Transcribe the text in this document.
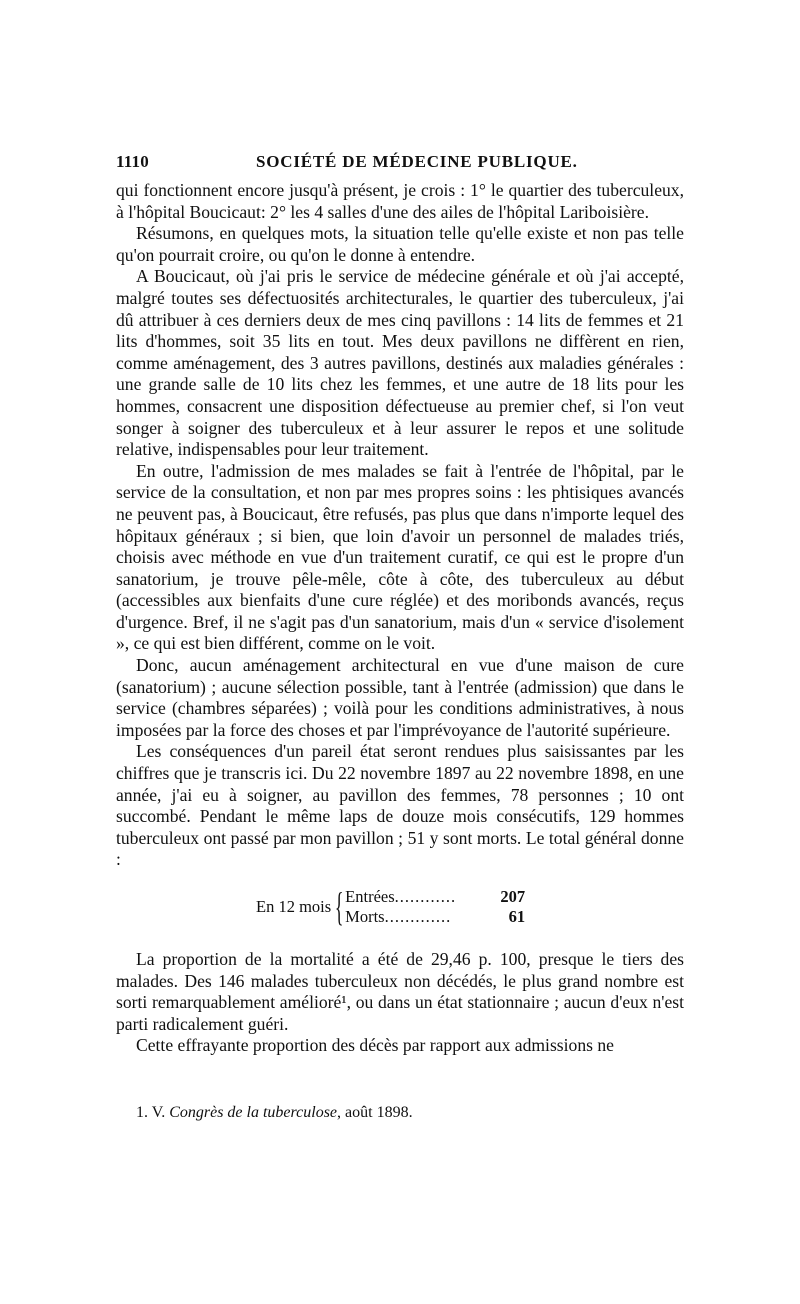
1110	SOCIÉTÉ DE MÉDECINE PUBLIQUE.

qui fonctionnent encore jusqu'à présent, je crois : 1° le quartier des tuberculeux, à l'hôpital Boucicaut: 2° les 4 salles d'une des ailes de l'hôpital Lariboisière.

Résumons, en quelques mots, la situation telle qu'elle existe et non pas telle qu'on pourrait croire, ou qu'on le donne à entendre.

A Boucicaut, où j'ai pris le service de médecine générale et où j'ai accepté, malgré toutes ses défectuosités architecturales, le quartier des tuberculeux, j'ai dû attribuer à ces derniers deux de mes cinq pavillons : 14 lits de femmes et 21 lits d'hommes, soit 35 lits en tout. Mes deux pavillons ne diffèrent en rien, comme aménagement, des 3 autres pavillons, destinés aux maladies générales : une grande salle de 10 lits chez les femmes, et une autre de 18 lits pour les hommes, consacrent une disposition défectueuse au premier chef, si l'on veut songer à soigner des tuberculeux et à leur assurer le repos et une solitude relative, indispensables pour leur traitement.

En outre, l'admission de mes malades se fait à l'entrée de l'hôpital, par le service de la consultation, et non par mes propres soins : les phtisiques avancés ne peuvent pas, à Boucicaut, être refusés, pas plus que dans n'importe lequel des hôpitaux généraux ; si bien, que loin d'avoir un personnel de malades triés, choisis avec méthode en vue d'un traitement curatif, ce qui est le propre d'un sanatorium, je trouve pêle-mêle, côte à côte, des tuberculeux au début (accessibles aux bienfaits d'une cure réglée) et des moribonds avancés, reçus d'urgence. Bref, il ne s'agit pas d'un sanatorium, mais d'un « service d'isolement », ce qui est bien différent, comme on le voit.

Donc, aucun aménagement architectural en vue d'une maison de cure (sanatorium) ; aucune sélection possible, tant à l'entrée (admission) que dans le service (chambres séparées) ; voilà pour les conditions administratives, à nous imposées par la force des choses et par l'imprévoyance de l'autorité supérieure.

Les conséquences d'un pareil état seront rendues plus saisissantes par les chiffres que je transcris ici. Du 22 novembre 1897 au 22 novembre 1898, en une année, j'ai eu à soigner, au pavillon des femmes, 78 personnes ; 10 ont succombé. Pendant le même laps de douze mois consécutifs, 129 hommes tuberculeux ont passé par mon pavillon ; 51 y sont morts. Le total général donne :

En 12 mois { Entrées ............	207
Morts .............	61

La proportion de la mortalité a été de 29,46 p. 100, presque le tiers des malades. Des 146 malades tuberculeux non décédés, le plus grand nombre est sorti remarquablement amélioré¹, ou dans un état stationnaire ; aucun d'eux n'est parti radicalement guéri.

Cette effrayante proportion des décès par rapport aux admissions ne

1. V. Congrès de la tuberculose, août 1898.
